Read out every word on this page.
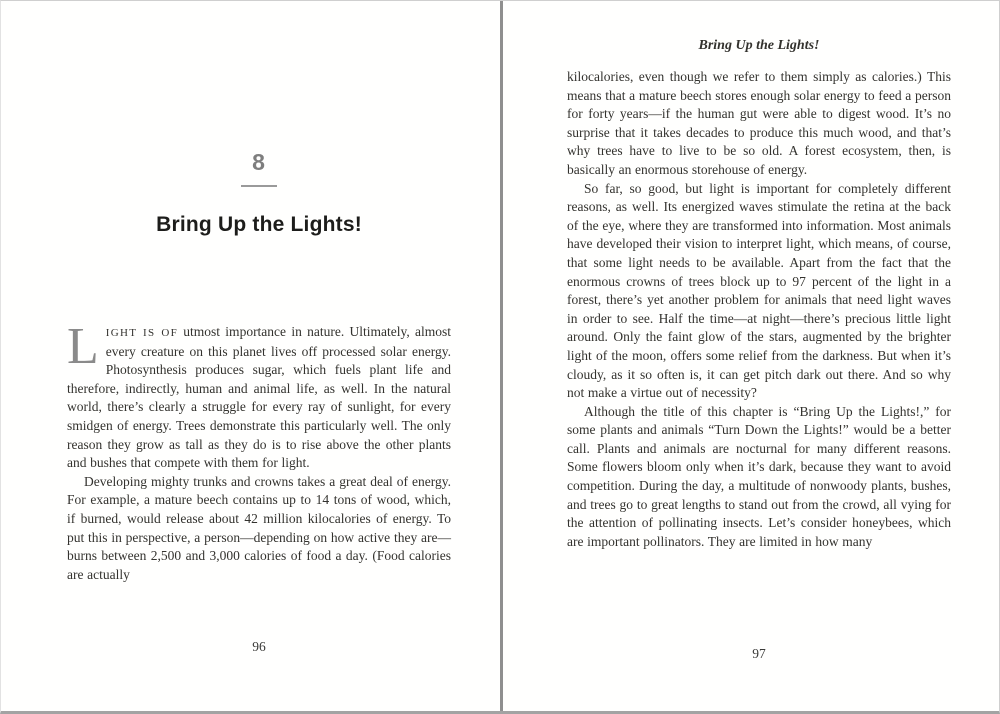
8
Bring Up the Lights!

LIGHT IS OF utmost importance in nature. Ultimately, almost every creature on this planet lives off processed solar energy. Photosynthesis produces sugar, which fuels plant life and therefore, indirectly, human and animal life, as well. In the natural world, there’s clearly a struggle for every ray of sunlight, for every smidgen of energy. Trees demonstrate this particularly well. The only reason they grow as tall as they do is to rise above the other plants and bushes that compete with them for light.

Developing mighty trunks and crowns takes a great deal of energy. For example, a mature beech contains up to 14 tons of wood, which, if burned, would release about 42 million kilocalories of energy. To put this in perspective, a person—depending on how active they are—burns between 2,500 and 3,000 calories of food a day. (Food calories are actually

96
Bring Up the Lights!

kilocalories, even though we refer to them simply as calories.) This means that a mature beech stores enough solar energy to feed a person for forty years—if the human gut were able to digest wood. It’s no surprise that it takes decades to produce this much wood, and that’s why trees have to live to be so old. A forest ecosystem, then, is basically an enormous storehouse of energy.

So far, so good, but light is important for completely different reasons, as well. Its energized waves stimulate the retina at the back of the eye, where they are transformed into information. Most animals have developed their vision to interpret light, which means, of course, that some light needs to be available. Apart from the fact that the enormous crowns of trees block up to 97 percent of the light in a forest, there’s yet another problem for animals that need light waves in order to see. Half the time—at night—there’s precious little light around. Only the faint glow of the stars, augmented by the brighter light of the moon, offers some relief from the darkness. But when it’s cloudy, as it so often is, it can get pitch dark out there. And so why not make a virtue out of necessity?

Although the title of this chapter is “Bring Up the Lights!,” for some plants and animals “Turn Down the Lights!” would be a better call. Plants and animals are nocturnal for many different reasons. Some flowers bloom only when it’s dark, because they want to avoid competition. During the day, a multitude of nonwoody plants, bushes, and trees go to great lengths to stand out from the crowd, all vying for the attention of pollinating insects. Let’s consider honeybees, which are important pollinators. They are limited in how many

97
